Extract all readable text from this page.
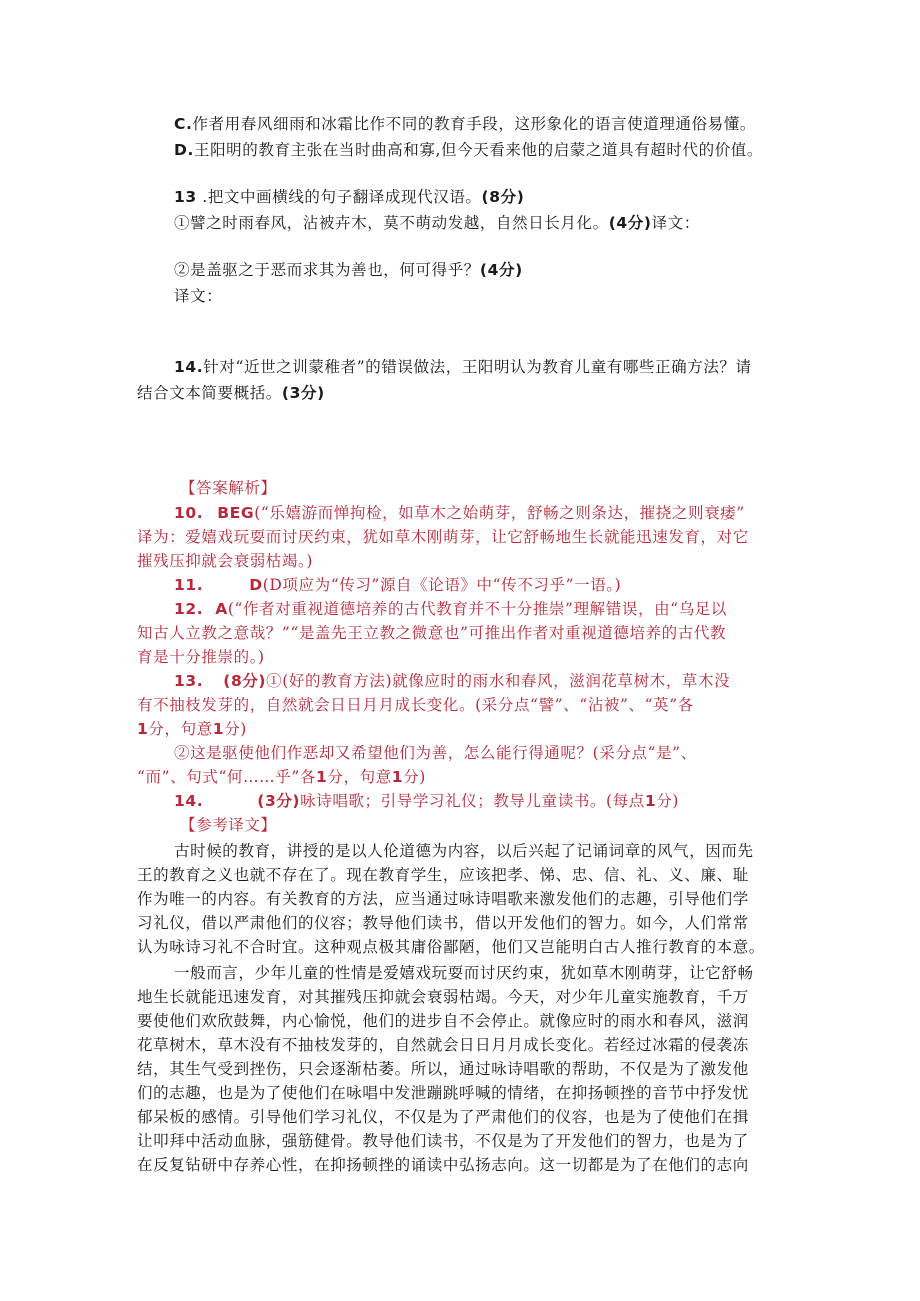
C.作者用春风细雨和冰霜比作不同的教育手段，这形象化的语言使道理通俗易懂。
D.王阳明的教育主张在当时曲高和寡,但今天看来他的启蒙之道具有超时代的价值。
13 .把文中画横线的句子翻译成现代汉语。(8分)
①譬之时雨春风，沾被卉木，莫不萌动发越，自然日长月化。(4分)译文：
②是盖驱之于恶而求其为善也，何可得乎？(4分)
译文：
14.针对“近世之训蒙稚者”的错误做法，王阳明认为教育儿童有哪些正确方法？请
结合文本简要概括。(3分)
【答案解析】
10. BEG(“乐嬉游而惮拘检，如草木之始萌芽，舒畅之则条达，摧挠之则衰痿”
译为：爱嬉戏玩耍而讨厌约束，犹如草木刚萌芽，让它舒畅地生长就能迅速发育，对它
摧残压抑就会衰弱枯竭。)
11.	D(D项应为“传习”源自《论语》中“传不习乎”一语。)
12. A(“作者对重视道德培养的古代教育并不十分推崇”理解错误，由“乌足以
知古人立教之意哉？”“是盖先王立教之微意也”可推出作者对重视道德培养的古代教
育是十分推崇的。)
13. (8分)①(好的教育方法)就像应时的雨水和春风，滋润花草树木，草木没
有不抽枝发芽的，自然就会日日月月成长变化。(采分点“譬”、“沾被”、“英”各
1分，句意1分)
②这是驱使他们作恶却又希望他们为善，怎么能行得通呢？(采分点“是”、
“而”、句式“何……乎”各1分，句意1分)
14.	(3分)咏诗唱歌；引导学习礼仪；教导儿童读书。(每点1分)
【参考译文】
古时候的教育，讲授的是以人伦道德为内容，以后兴起了记诵词章的风气，因而先
王的教育之义也就不存在了。现在教育学生，应该把孝、悌、忠、信、礼、义、廉、耻
作为唯一的内容。有关教育的方法，应当通过咏诗唱歌来激发他们的志趣，引导他们学
习礼仪，借以严肃他们的仪容；教导他们读书，借以开发他们的智力。如今，人们常常
认为咏诗习礼不合时宜。这种观点极其庸俗鄙陋，他们又岂能明白古人推行教育的本意。
一般而言，少年儿童的性情是爱嬉戏玩耍而讨厌约束，犹如草木刚萌芽，让它舒畅
地生长就能迅速发育，对其摧残压抑就会衰弱枯竭。今天，对少年儿童实施教育，千万
要使他们欢欣鼓舞，内心愉悦，他们的进步自不会停止。就像应时的雨水和春风，滋润
花草树木，草木没有不抽枝发芽的，自然就会日日月月成长变化。若经过冰霜的侵袭冻
结，其生气受到挫伤，只会逐渐枯萎。所以，通过咏诗唱歌的帮助，不仅是为了激发他
们的志趣，也是为了使他们在咏唱中发泄蹦跳呼喊的情绪，在抑扬顿挫的音节中抒发忧
郁呆板的感情。引导他们学习礼仪，不仅是为了严肃他们的仪容，也是为了使他们在揖
让叩拜中活动血脉，强筋健骨。教导他们读书，不仅是为了开发他们的智力，也是为了
在反复钻研中存养心性，在抑扬顿挫的诵读中弘扬志向。这一切都是为了在他们的志向
